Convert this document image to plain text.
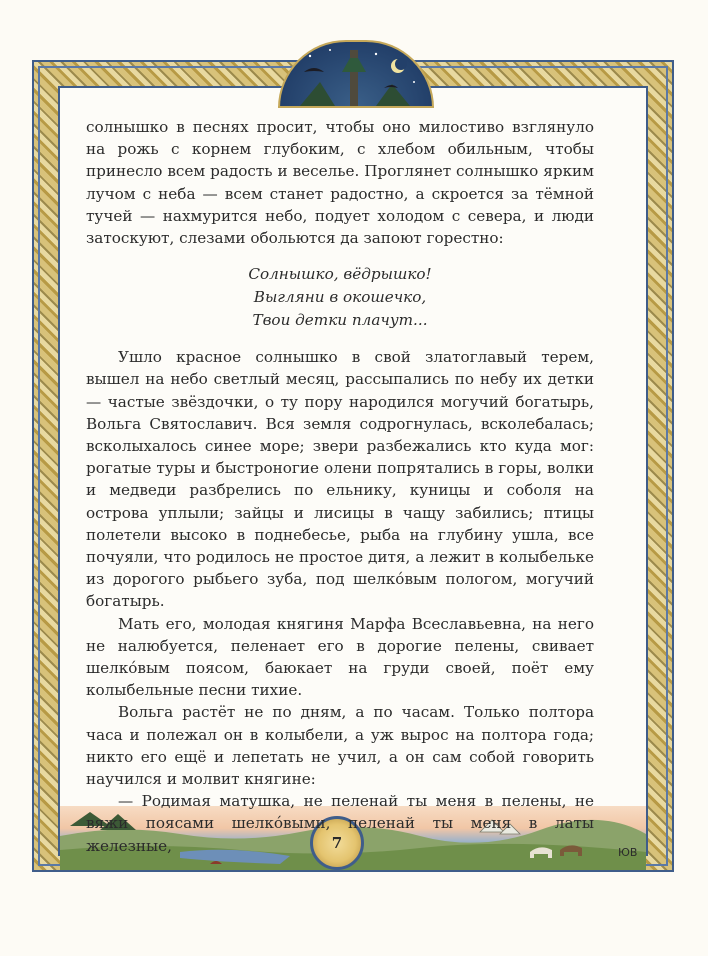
ЮВ
7

солнышко в песнях просит, чтобы оно милостиво взглянуло на рожь с корнем глубоким, с хлебом обильным, чтобы принесло всем радость и веселье. Проглянет солнышко ярким лучом с неба — всем станет радостно, а скроется за тёмной тучей — нахмурится небо, подует холодом с севера, и люди затоскуют, слезами обольются да запоют горестно:

Солнышко, вёдрышко!
Выгляни в окошечко,
Твои детки плачут...

Ушло красное солнышко в свой златоглавый терем, вышел на небо светлый месяц, рассыпались по небу их детки — частые звёздочки, о ту пору народился могучий богатырь, Вольга Святославич. Вся земля содрогнулась, всколебалась; всколыхалось синее море; звери разбежались кто куда мог: рогатые туры и быстроногие олени попрятались в горы, волки и медведи разбрелись по ельнику, куницы и соболя на острова уплыли; зайцы и лисицы в чащу забились; птицы полетели высоко в поднебесье, рыба на глубину ушла, все почуяли, что родилось не простое дитя, а лежит в колыбельке из дорогого рыбьего зуба, под шелко́вым пологом, могучий богатырь.

Мать его, молодая княгиня Марфа Всеславьевна, на него не налюбуется, пеленает его в дорогие пелены, свивает шелко́вым поясом, баюкает на груди своей, поёт ему колыбельные песни тихие.

Вольга растёт не по дням, а по часам. Только полтора часа и полежал он в колыбели, а уж вырос на полтора года; никто его ещё и лепетать не учил, а он сам собой говорить научился и молвит княгине:

— Родимая матушка, не пеленай ты меня в пелены, не вяжи поясами шелко́выми, пеленай ты меня в латы железные,
